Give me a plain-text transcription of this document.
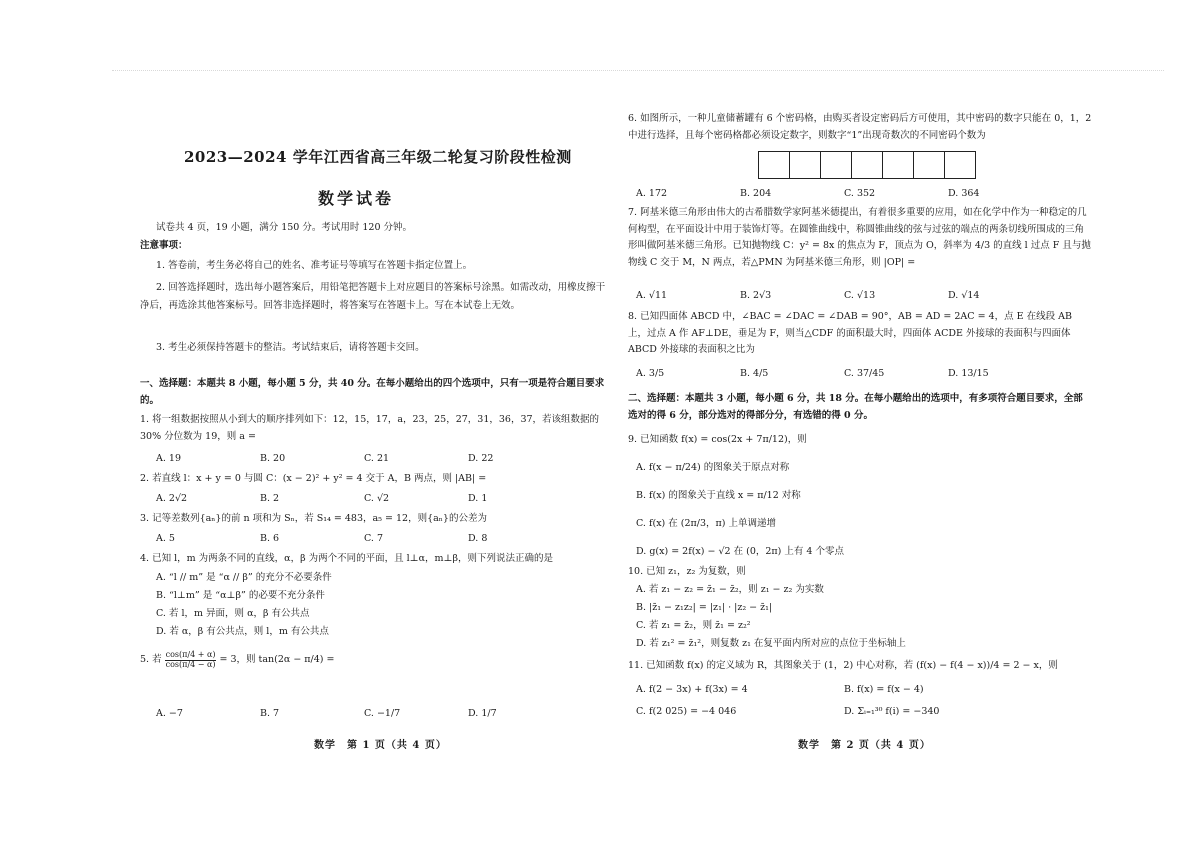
2023—2024 学年江西省高三年级二轮复习阶段性检测
数学试卷
试卷共 4 页，19 小题，满分 150 分。考试用时 120 分钟。
注意事项：
1. 答卷前，考生务必将自己的姓名、准考证号等填写在答题卡指定位置上。
2. 回答选择题时，选出每小题答案后，用铅笔把答题卡上对应题目的答案标号涂黑。如需改动，用橡皮擦干净后，再选涂其他答案标号。回答非选择题时，将答案写在答题卡上。写在本试卷上无效。
3. 考生必须保持答题卡的整洁。考试结束后，请将答题卡交回。
一、选择题：本题共 8 小题，每小题 5 分，共 40 分。在每小题给出的四个选项中，只有一项是符合题目要求的。
1. 将一组数据按照从小到大的顺序排列如下：12，15，17，a，23，25，27，31，36，37，若该组数据的 30% 分位数为 19，则 a =
A. 19	B. 20	C. 21	D. 22
2. 若直线 l：x + y = 0 与圆 C：(x − 2)² + y² = 4 交于 A，B 两点，则 |AB| =
A. 2√2	B. 2	C. √2	D. 1
3. 记等差数列{aₙ}的前 n 项和为 Sₙ，若 S₁₄ = 483，a₅ = 12，则{aₙ}的公差为
A. 5	B. 6	C. 7	D. 8
4. 已知 l，m 为两条不同的直线，α，β 为两个不同的平面，且 l⊥α，m⊥β，则下列说法正确的是
A. “l // m” 是 “α // β” 的充分不必要条件
B. “l⊥m” 是 “α⊥β” 的必要不充分条件
C. 若 l，m 异面，则 α，β 有公共点
D. 若 α，β 有公共点，则 l，m 有公共点
5. 若 $\frac{\cos(\pi/4 + \alpha)}{\cos(\pi/4 - \alpha)} = 3$，则 tan(2α − π/4) =
A. −7	B. 7	C. −1/7	D. 1/7
数学　第 1 页（共 4 页）
6. 如图所示，一种儿童储蓄罐有 6 个密码格，由购买者设定密码后方可使用，其中密码的数字只能在 0，1，2 中进行选择，且每个密码格都必须设定数字，则数字“1”出现奇数次的不同密码个数为
A. 172	B. 204	C. 352	D. 364
7. 阿基米德三角形由伟大的古希腊数学家阿基米德提出，有着很多重要的应用，如在化学中作为一种稳定的几何构型，在平面设计中用于装饰灯等。在圆锥曲线中，称圆锥曲线的弦与过弦的端点的两条切线所围成的三角形叫做阿基米德三角形。已知抛物线 C：y² = 8x 的焦点为 F，顶点为 O，斜率为 4/3 的直线 l 过点 F 且与抛物线 C 交于 M，N 两点，若△PMN 为阿基米德三角形，则 |OP| =
A. √11	B. 2√3	C. √13	D. √14
8. 已知四面体 ABCD 中，∠BAC = ∠DAC = ∠DAB = 90°，AB = AD = 2AC = 4，点 E 在线段 AB 上，过点 A 作 AF⊥DE，垂足为 F，则当△CDF 的面积最大时，四面体 ACDE 外接球的表面积与四面体 ABCD 外接球的表面积之比为
A. 3/5	B. 4/5	C. 37/45	D. 13/15
二、选择题：本题共 3 小题，每小题 6 分，共 18 分。在每小题给出的选项中，有多项符合题目要求，全部选对的得 6 分，部分选对的得部分分，有选错的得 0 分。
9. 已知函数 f(x) = cos(2x + 7π/12)，则
A. f(x − π/24) 的图象关于原点对称
B. f(x) 的图象关于直线 x = π/12 对称
C. f(x) 在 (2π/3，π) 上单调递增
D. g(x) = 2f(x) − √2 在 (0，2π) 上有 4 个零点
10. 已知 z₁，z₂ 为复数，则
A. 若 z₁ − z₂ = z̄₁ − z̄₂，则 z₁ − z₂ 为实数
B. |z̄₁ − z₁z₂| = |z₁| · |z₂ − z̄₁|
C. 若 z₁ = z̄₂，则 z̄₁ = z₂²
D. 若 z₁² = z̄₁²，则复数 z₁ 在复平面内所对应的点位于坐标轴上
11. 已知函数 f(x) 的定义域为 R，其图象关于 (1，2) 中心对称，若 (f(x) − f(4 − x))/4 = 2 − x，则
A. f(2 − 3x) + f(3x) = 4	B. f(x) = f(x − 4)
C. f(2 025) = −4 046	D. Σᵢ₌₁³⁰ f(i) = −340
数学　第 2 页（共 4 页）
